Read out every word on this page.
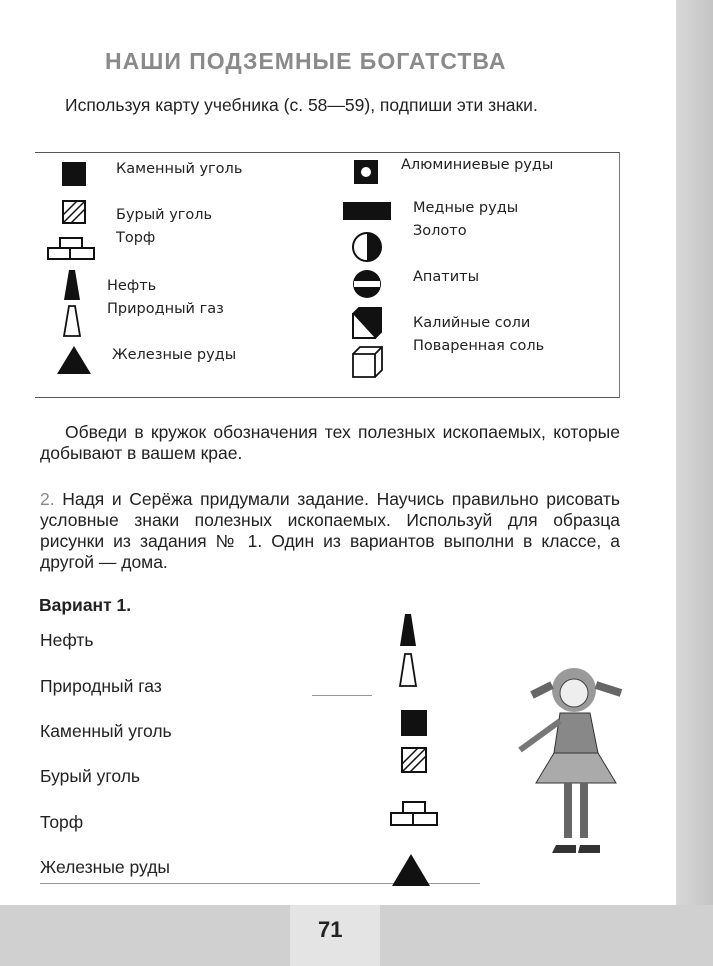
71
НАШИ ПОДЗЕМНЫЕ БОГАТСТВА
Используя карту учебника (с. 58—59), подпиши эти знаки.
Каменный уголь
Бурый уголь
Торф
Нефть
Природный газ
Железные руды
Алюминиевые руды
Медные руды
Золото
Апатиты
Калийные соли
Поваренная соль
Обведи в кружок обозначения тех полезных ископаемых, которые добывают в вашем крае.
2. Надя и Серёжа придумали задание. Научись правильно рисовать условные знаки полезных ископаемых. Используй для образца рисунки из задания № 1. Один из вариантов выполни в классе, а другой — дома.
Вариант 1.
Нефть
Природный газ
Каменный уголь
Бурый уголь
Торф
Железные руды
